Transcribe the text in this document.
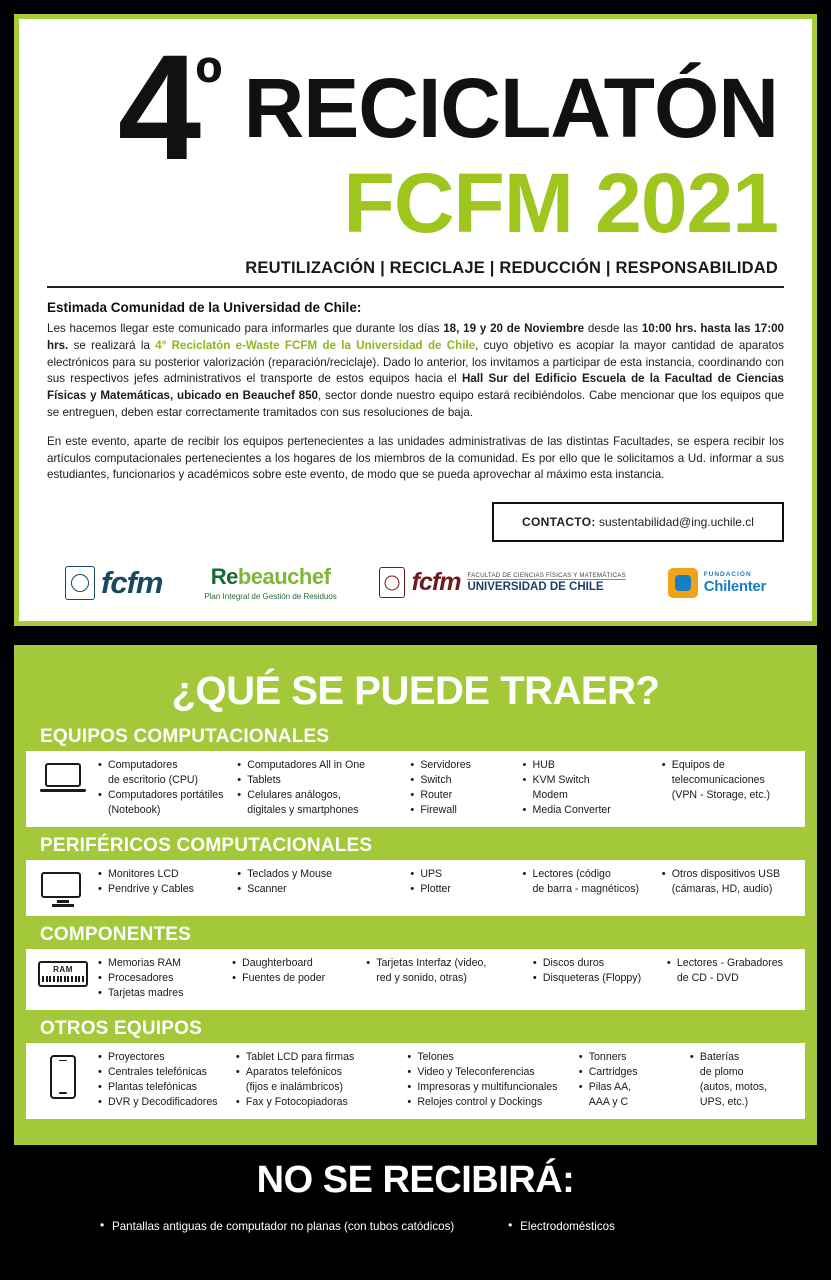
4º RECICLATÓN
FCFM 2021
REUTILIZACIÓN | RECICLAJE | REDUCCIÓN | RESPONSABILIDAD
Estimada Comunidad de la Universidad de Chile:
Les hacemos llegar este comunicado para informarles que durante los días 18, 19 y 20 de Noviembre desde las 10:00 hrs. hasta las 17:00 hrs. se realizará la 4° Reciclatón e-Waste FCFM de la Universidad de Chile, cuyo objetivo es acopiar la mayor cantidad de aparatos electrónicos para su posterior valorización (reparación/reciclaje). Dado lo anterior, los invitamos a participar de esta instancia, coordinando con sus respectivos jefes administrativos el transporte de estos equipos hacia el Hall Sur del Edificio Escuela de la Facultad de Ciencias Físicas y Matemáticas, ubicado en Beauchef 850, sector donde nuestro equipo estará recibiéndolos. Cabe mencionar que los equipos que se entreguen, deben estar correctamente tramitados con sus resoluciones de baja.
En este evento, aparte de recibir los equipos pertenecientes a las unidades administrativas de las distintas Facultades, se espera recibir los artículos computacionales pertenecientes a los hogares de los miembros de la comunidad. Es por ello que le solicitamos a Ud. informar a sus estudiantes, funcionarios y académicos sobre este evento, de modo que se pueda aprovechar al máximo esta instancia.
CONTACTO: sustentabilidad@ing.uchile.cl
fcfm Rebeauchef
Plan Integral de Gestión de Residuos
fcfm FACULTAD DE CIENCIAS FÍSICAS Y MATEMÁTICAS
UNIVERSIDAD DE CHILE
FUNDACIÓN
Chilenter
¿QUÉ SE PUEDE TRAER?
EQUIPOS COMPUTACIONALES
• Computadores
de escritorio (CPU)
• Computadores portátiles
(Notebook)
• Computadores All in One
• Tablets
• Celulares análogos,
digitales y smartphones
• Servidores
• Switch
• Router
• Firewall
• HUB
• KVM Switch
Modem
• Media Converter
• Equipos de
telecomunicaciones
(VPN - Storage, etc.)
PERIFÉRICOS COMPUTACIONALES
• Monitores LCD
• Pendrive y Cables
• Teclados y Mouse
• Scanner
• UPS
• Plotter
• Lectores (código
de barra - magnéticos)
• Otros dispositivos USB
(cámaras, HD, audio)
COMPONENTES
RAM
• Memorias RAM
• Procesadores
• Tarjetas madres
• Daughterboard
• Fuentes de poder
• Tarjetas Interfaz (video,
red y sonido, otras)
• Discos duros
• Disqueteras (Floppy)
• Lectores - Grabadores
de CD - DVD
OTROS EQUIPOS
• Proyectores
• Centrales telefónicas
• Plantas telefónicas
• DVR y Decodificadores
• Tablet LCD para firmas
• Aparatos telefónicos
(fijos e inalámbricos)
• Fax y Fotocopiadoras
• Telones
• Video y Teleconferencias
• Impresoras y multifuncionales
• Relojes control y Dockings
• Tonners
• Cartridges
• Pilas AA,
AAA y C
• Baterías
de plomo
(autos, motos,
UPS, etc.)
NO SE RECIBIRÁ:
• Pantallas antiguas de computador no planas (con tubos catódicos)	• Electrodomésticos
